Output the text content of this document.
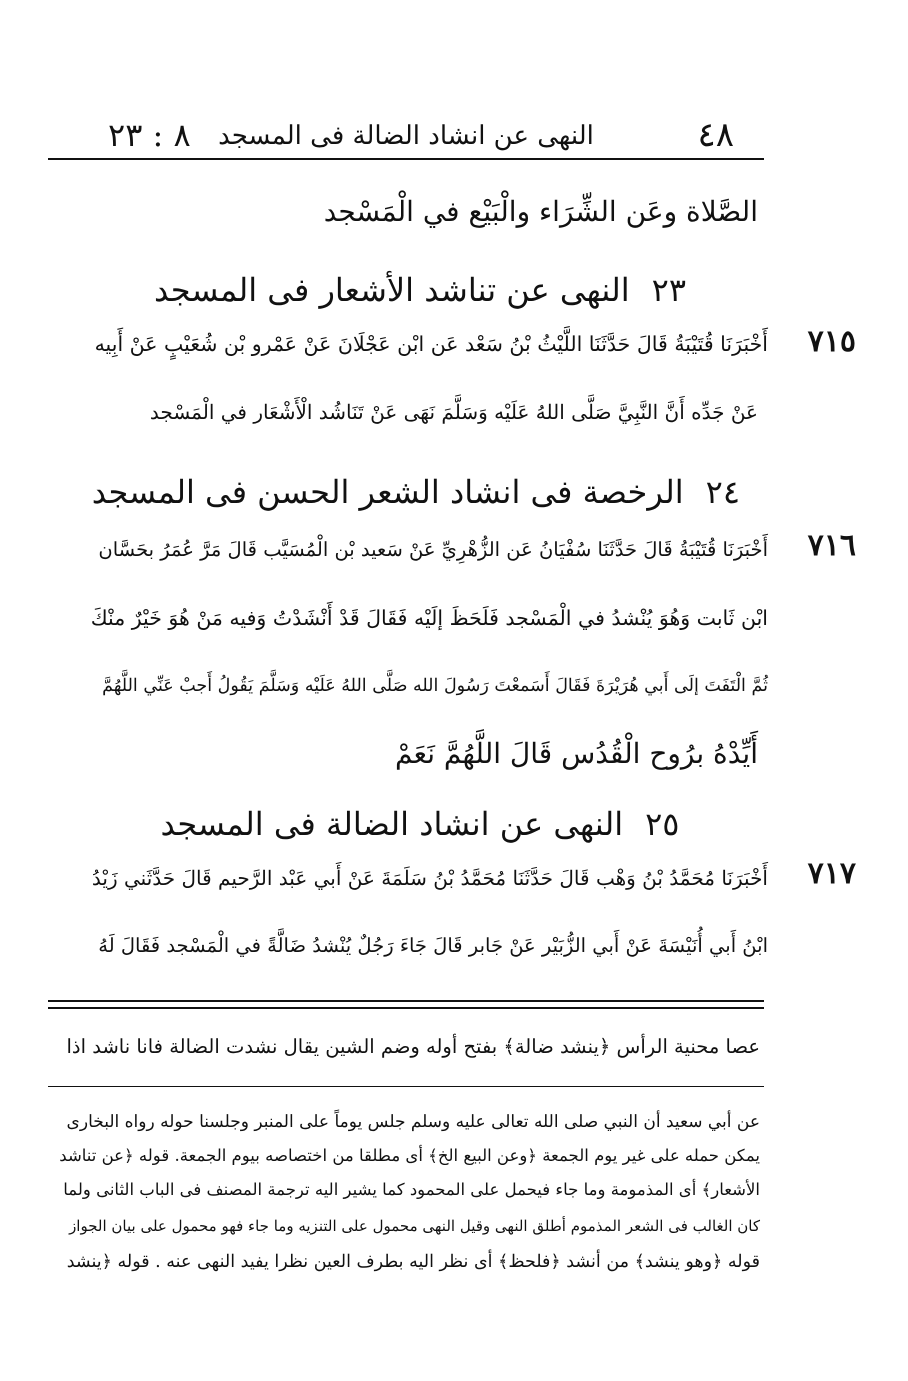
٤٨
النهى عن انشاد الضالة فى المسجد
٨ : ٢٣
الصَّلاة وعَن الشِّرَاء والْبَيْع في الْمَسْجد
٢٣النهى عن تناشد الأشعار فى المسجد
٧١٥
أَخْبَرَنَا قُتَيْبَةُ قَالَ حَدَّثَنَا اللَّيْثُ بْنُ سَعْد عَن ابْن عَجْلَانَ عَنْ عَمْرو بْن شُعَيْبٍ عَنْ أَبِيه
عَنْ جَدِّه أَنَّ النَّبِيَّ صَلَّى اللهُ عَلَيْه وَسَلَّمَ نَهَى عَنْ تَنَاشُد الْأَشْعَار في الْمَسْجد
٢٤الرخصة فى انشاد الشعر الحسن فى المسجد
٧١٦
أَخْبَرَنَا قُتَيْبَةُ قَالَ حَدَّثَنَا سُفْيَانُ عَن الزُّهْرِيِّ عَنْ سَعيد بْن الْمُسَيَّب قَالَ مَرَّ عُمَرُ بحَسَّان
ابْن ثَابت وَهُوَ يُنْشدُ في الْمَسْجد فَلَحَظَ إلَيْه فَقَالَ قَدْ أَنْشَدْتُ وَفيه مَنْ هُوَ خَيْرٌ منْكَ
ثُمَّ الْتَفَتَ إلَى أَبي هُرَيْرَةَ فَقَالَ أَسَمعْتَ رَسُولَ الله صَلَّى اللهُ عَلَيْه وَسَلَّمَ يَقُولُ أَجبْ عَنِّي اللَّهُمَّ
أَيِّدْهُ برُوح الْقُدُس قَالَ اللَّهُمَّ نَعَمْ
٢٥النهى عن انشاد الضالة فى المسجد
٧١٧
أَخْبَرَنَا مُحَمَّدُ بْنُ وَهْب قَالَ حَدَّثَنَا مُحَمَّدُ بْنُ سَلَمَةَ عَنْ أَبي عَبْد الرَّحيم قَالَ حَدَّثَني زَيْدُ
ابْنُ أَبي أُنَيْسَةَ عَنْ أَبي الزُّبَيْر عَنْ جَابر قَالَ جَاءَ رَجُلٌ يُنْشدُ ضَالَّةً في الْمَسْجد فَقَالَ لَهُ
عصا محنية الرأس ﴿ينشد ضالة﴾ بفتح أوله وضم الشين يقال نشدت الضالة فانا ناشد اذا
عن أبي سعيد أن النبي صلى الله تعالى عليه وسلم جلس يوماً على المنبر وجلسنا حوله رواه البخارى
يمكن حمله على غير يوم الجمعة ﴿وعن البيع الخ﴾ أى مطلقا من اختصاصه بيوم الجمعة. قوله ﴿عن تناشد
الأشعار﴾ أى المذمومة وما جاء فيحمل على المحمود كما يشير اليه ترجمة المصنف فى الباب الثانى ولما
كان الغالب فى الشعر المذموم أطلق النهى وقيل النهى محمول على التنزيه وما جاء فهو محمول على بيان الجواز
قوله ﴿وهو ينشد﴾ من أنشد ﴿فلحظ﴾ أى نظر اليه بطرف العين نظرا يفيد النهى عنه . قوله ﴿ينشد
